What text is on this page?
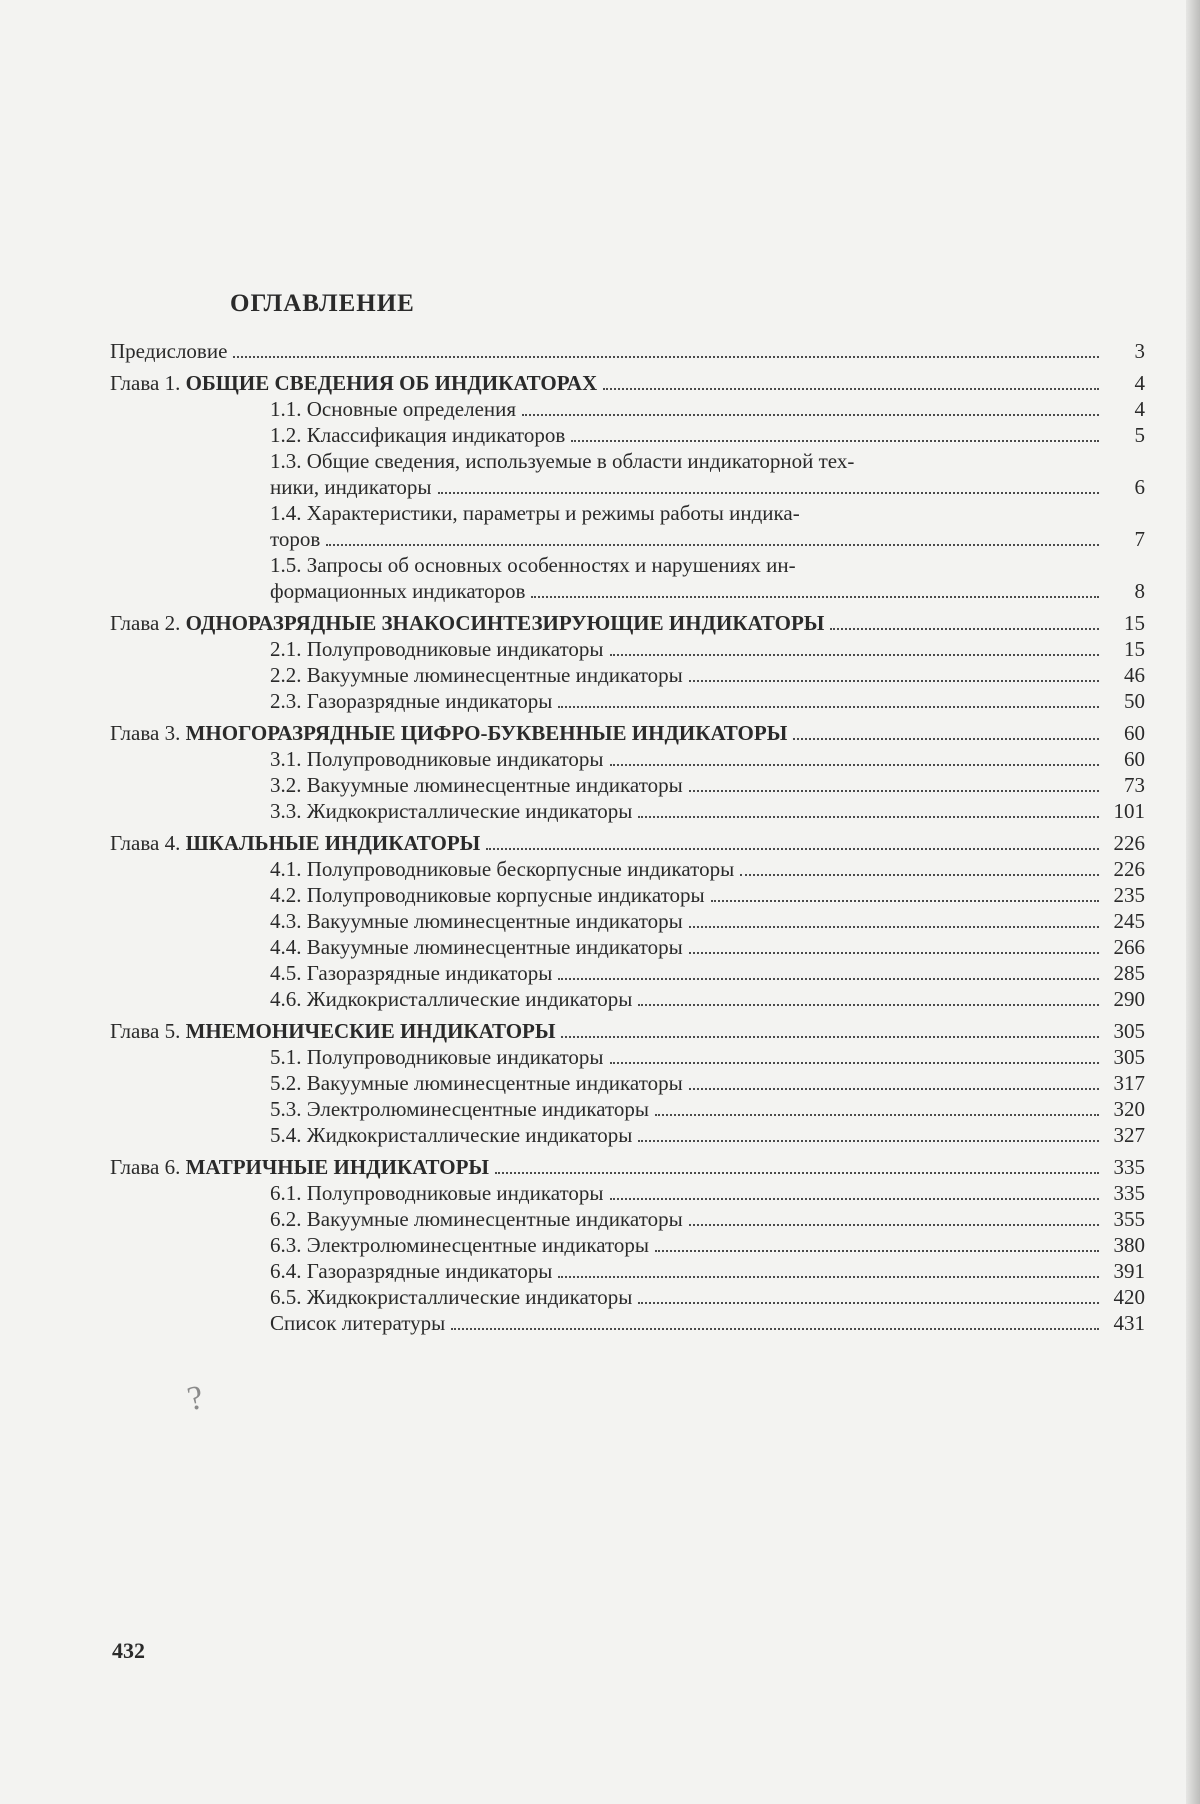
ОГЛАВЛЕНИЕ
Предисловие	3
Глава 1. ОБЩИЕ СВЕДЕНИЯ ОБ ИНДИКАТОРАХ	4
1.1. Основные определения	4
1.2. Классификация индикаторов	5
1.3. Общие сведения, используемые в области индикаторной тех-
ники, индикаторы	6
1.4. Характеристики, параметры и режимы работы индика-
торов	7
1.5. Запросы об основных особенностях и нарушениях ин-
формационных индикаторов	8
Глава 2. ОДНОРАЗРЯДНЫЕ ЗНАКОСИНТЕЗИРУЮЩИЕ ИНДИКАТОРЫ	15
2.1. Полупроводниковые индикаторы	15
2.2. Вакуумные люминесцентные индикаторы	46
2.3. Газоразрядные индикаторы	50
Глава 3. МНОГОРАЗРЯДНЫЕ ЦИФРО-БУКВЕННЫЕ ИНДИКАТОРЫ	60
3.1. Полупроводниковые индикаторы	60
3.2. Вакуумные люминесцентные индикаторы	73
3.3. Жидкокристаллические индикаторы	101
Глава 4. ШКАЛЬНЫЕ ИНДИКАТОРЫ	226
4.1. Полупроводниковые бескорпусные индикаторы	226
4.2. Полупроводниковые корпусные индикаторы	235
4.3. Вакуумные люминесцентные индикаторы	245
4.4. Вакуумные люминесцентные индикаторы	266
4.5. Газоразрядные индикаторы	285
4.6. Жидкокристаллические индикаторы	290
Глава 5. МНЕМОНИЧЕСКИЕ ИНДИКАТОРЫ	305
5.1. Полупроводниковые индикаторы	305
5.2. Вакуумные люминесцентные индикаторы	317
5.3. Электролюминесцентные индикаторы	320
5.4. Жидкокристаллические индикаторы	327
Глава 6. МАТРИЧНЫЕ ИНДИКАТОРЫ	335
6.1. Полупроводниковые индикаторы	335
6.2. Вакуумные люминесцентные индикаторы	355
6.3. Электролюминесцентные индикаторы	380
6.4. Газоразрядные индикаторы	391
6.5. Жидкокристаллические индикаторы	420
Список литературы	431
?

432
